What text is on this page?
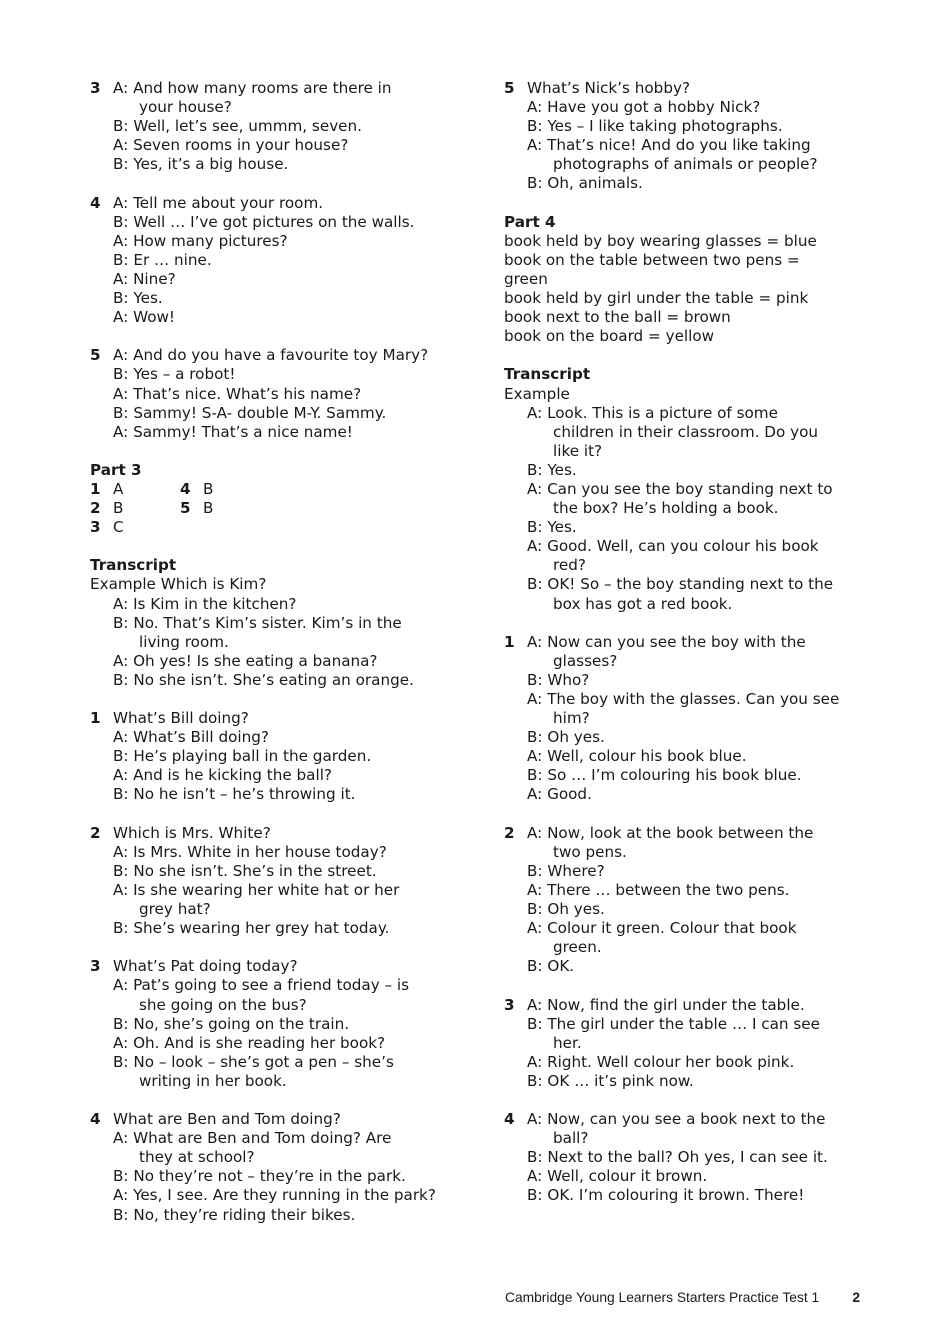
3 A: And how many rooms are there in
your house?
B: Well, let’s see, ummm, seven.
A: Seven rooms in your house?
B: Yes, it’s a big house.
4 A: Tell me about your room.
B: Well … I’ve got pictures on the walls.
A: How many pictures?
B: Er … nine.
A: Nine?
B: Yes.
A: Wow!
5 A: And do you have a favourite toy Mary?
B: Yes – a robot!
A: That’s nice. What’s his name?
B: Sammy! S-A- double M-Y. Sammy.
A: Sammy! That’s a nice name!
Part 3
1 A	4 B
2 B	5 B
3 C
Transcript
Example Which is Kim?
A: Is Kim in the kitchen?
B: No. That’s Kim’s sister. Kim’s in the
living room.
A: Oh yes! Is she eating a banana?
B: No she isn’t. She’s eating an orange.
1 What’s Bill doing?
A: What’s Bill doing?
B: He’s playing ball in the garden.
A: And is he kicking the ball?
B: No he isn’t – he’s throwing it.
2 Which is Mrs. White?
A: Is Mrs. White in her house today?
B: No she isn’t. She’s in the street.
A: Is she wearing her white hat or her
grey hat?
B: She’s wearing her grey hat today.
3 What’s Pat doing today?
A: Pat’s going to see a friend today – is
she going on the bus?
B: No, she’s going on the train.
A: Oh. And is she reading her book?
B: No – look – she’s got a pen – she’s
writing in her book.
4 What are Ben and Tom doing?
A: What are Ben and Tom doing? Are
they at school?
B: No they’re not – they’re in the park.
A: Yes, I see. Are they running in the park?
B: No, they’re riding their bikes.
5 What’s Nick’s hobby?
A: Have you got a hobby Nick?
B: Yes – I like taking photographs.
A: That’s nice! And do you like taking
photographs of animals or people?
B: Oh, animals.
Part 4
book held by boy wearing glasses = blue
book on the table between two pens =
green
book held by girl under the table = pink
book next to the ball = brown
book on the board = yellow
Transcript
Example
A: Look. This is a picture of some
children in their classroom. Do you
like it?
B: Yes.
A: Can you see the boy standing next to
the box? He’s holding a book.
B: Yes.
A: Good. Well, can you colour his book
red?
B: OK! So – the boy standing next to the
box has got a red book.
1 A: Now can you see the boy with the
glasses?
B: Who?
A: The boy with the glasses. Can you see
him?
B: Oh yes.
A: Well, colour his book blue.
B: So … I’m colouring his book blue.
A: Good.
2 A: Now, look at the book between the
two pens.
B: Where?
A: There … between the two pens.
B: Oh yes.
A: Colour it green. Colour that book
green.
B: OK.
3 A: Now, find the girl under the table.
B: The girl under the table … I can see
her.
A: Right. Well colour her book pink.
B: OK … it’s pink now.
4 A: Now, can you see a book next to the
ball?
B: Next to the ball? Oh yes, I can see it.
A: Well, colour it brown.
B: OK. I’m colouring it brown. There!
Cambridge Young Learners Starters Practice Test 1 2
